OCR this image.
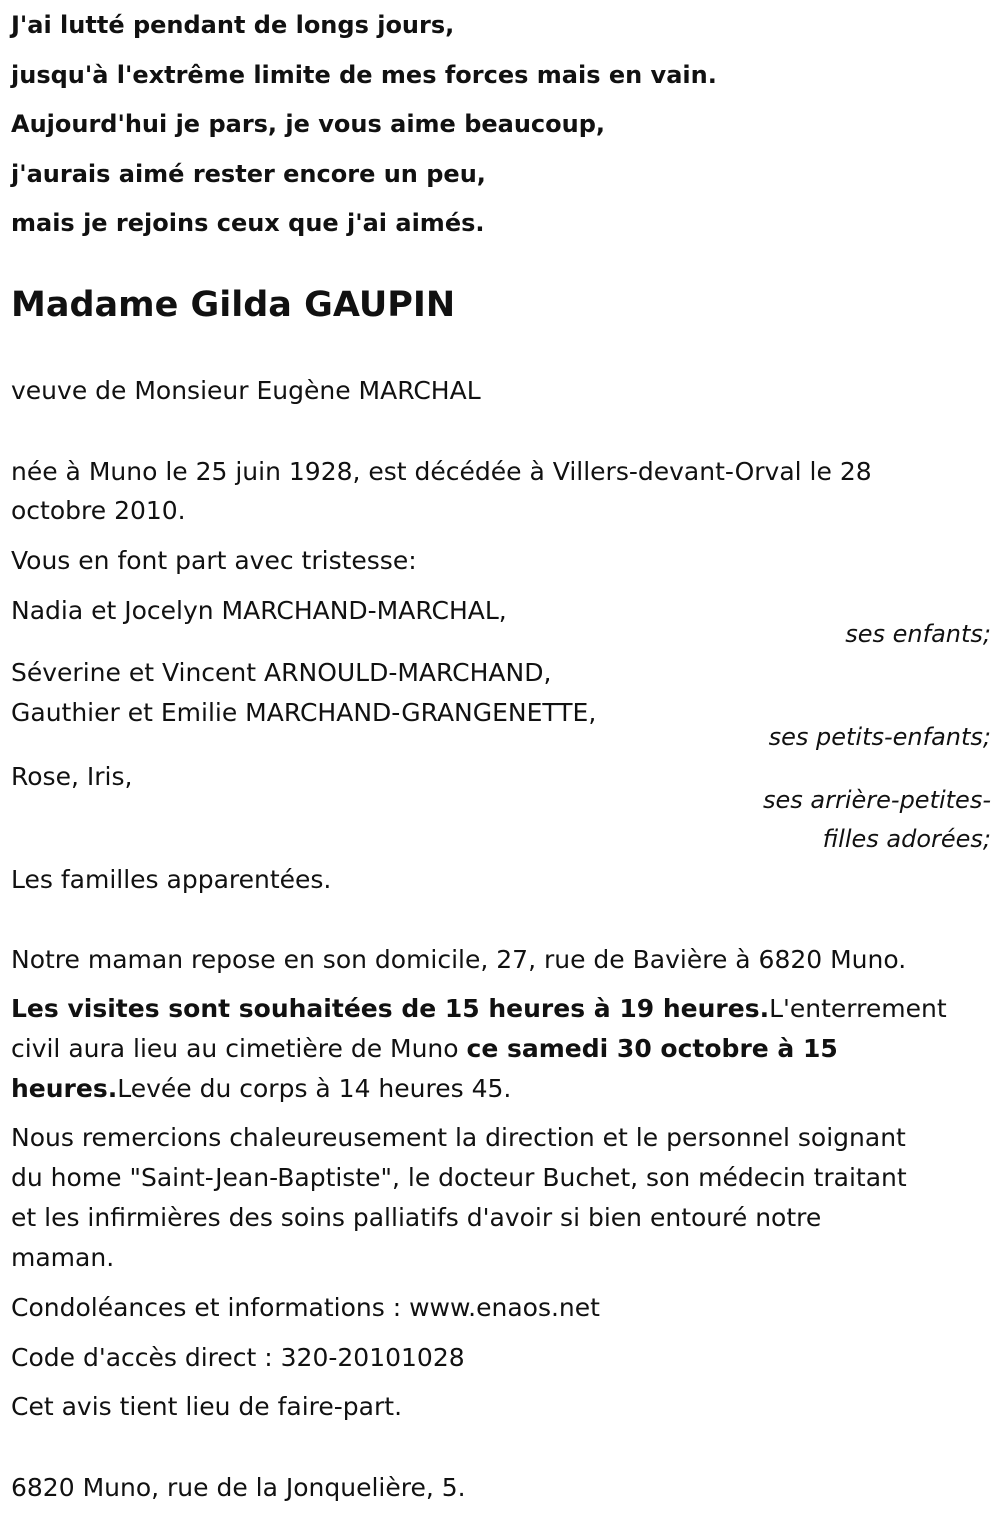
J'ai lutté pendant de longs jours,

jusqu'à l'extrême limite de mes forces mais en vain.

Aujourd'hui je pars, je vous aime beaucoup,

j'aurais aimé rester encore un peu,

mais je rejoins ceux que j'ai aimés.

Madame Gilda GAUPIN

veuve de Monsieur Eugène MARCHAL

née à Muno le 25 juin 1928, est décédée à Villers-devant-Orval le 28

octobre 2010.

Vous en font part avec tristesse:

Nadia et Jocelyn MARCHAND-MARCHAL,

ses enfants;

Séverine et Vincent ARNOULD-MARCHAND,

Gauthier et Emilie MARCHAND-GRANGENETTE,

ses petits-enfants;

Rose, Iris,

ses arrière-petites-

filles adorées;

Les familles apparentées.

Notre maman repose en son domicile, 27, rue de Bavière à 6820 Muno.

Les visites sont souhaitées de 15 heures à 19 heures.L'enterrement

civil aura lieu au cimetière de Muno ce samedi 30 octobre à 15

heures.Levée du corps à 14 heures 45.

Nous remercions chaleureusement la direction et le personnel soignant

du home "Saint-Jean-Baptiste", le docteur Buchet, son médecin traitant

et les infirmières des soins palliatifs d'avoir si bien entouré notre

maman.

Condoléances et informations : www.enaos.net

Code d'accès direct : 320-20101028

Cet avis tient lieu de faire-part.

6820 Muno, rue de la Jonquelière, 5.
